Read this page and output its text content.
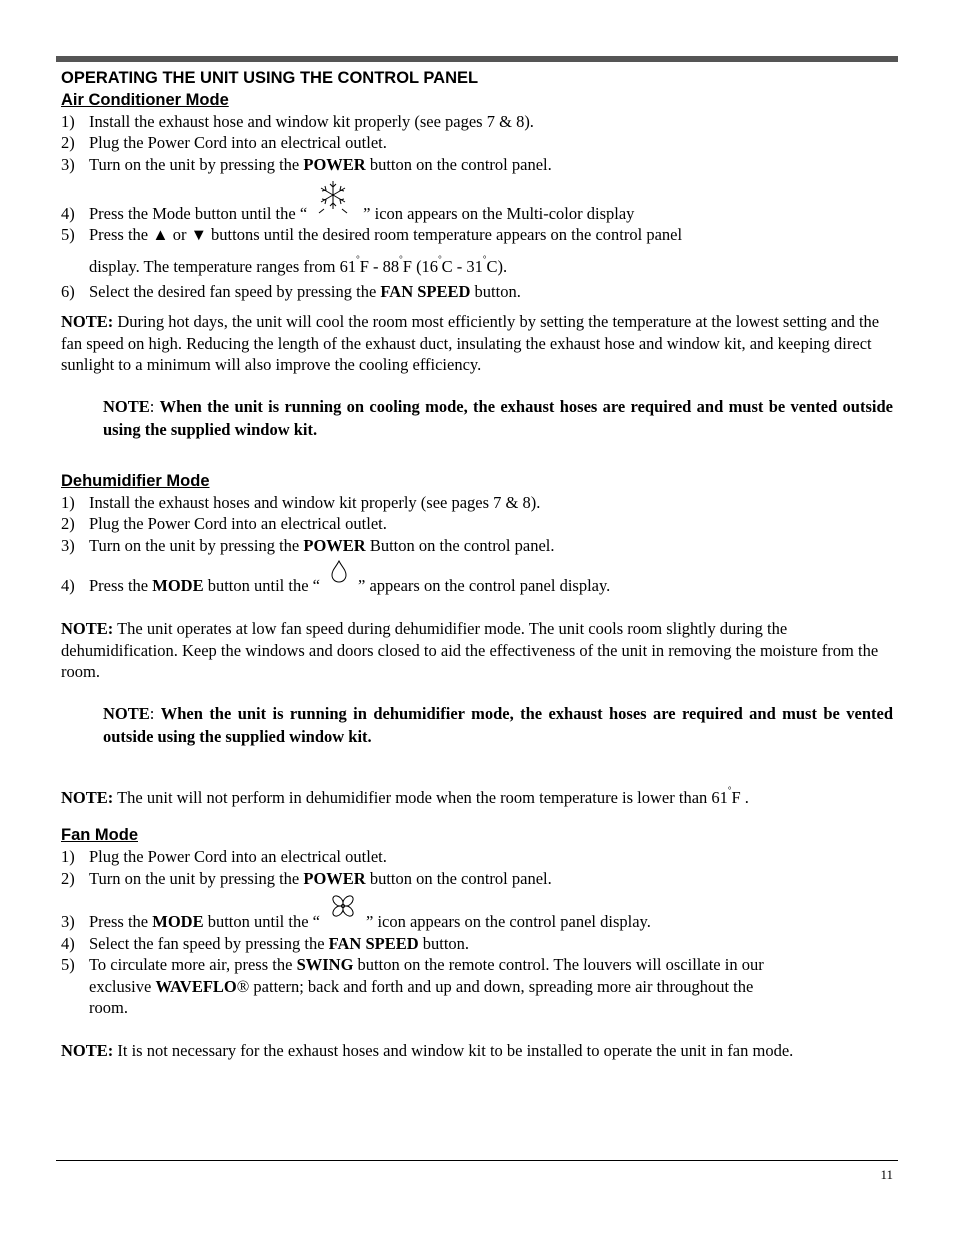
OPERATING THE UNIT USING THE CONTROL PANEL
Air Conditioner Mode
1) Install the exhaust hose and window kit properly (see pages 7 & 8).
2) Plug the Power Cord into an electrical outlet.
3) Turn on the unit by pressing the POWER button on the control panel.
4) Press the Mode button until the “	” icon appears on the Multi-color display
5) Press the ▲ or ▼ buttons until the desired room temperature appears on the control panel
display. The temperature ranges from 61°F - 88°F (16°C - 31°C).
6) Select the desired fan speed by pressing the FAN SPEED button.
NOTE: During hot days, the unit will cool the room most efficiently by setting the temperature at the lowest setting and the fan speed on high. Reducing the length of the exhaust duct, insulating the exhaust hose and window kit, and keeping direct sunlight to a minimum will also improve the cooling efficiency.
NOTE: When the unit is running on cooling mode, the exhaust hoses are required and must be vented outside using the supplied window kit.
Dehumidifier Mode
1) Install the exhaust hoses and window kit properly (see pages 7 & 8).
2) Plug the Power Cord into an electrical outlet.
3) Turn on the unit by pressing the POWER Button on the control panel.
4) Press the MODE button until the “ ” appears on the control panel display.
NOTE: The unit operates at low fan speed during dehumidifier mode. The unit cools room slightly during the dehumidification. Keep the windows and doors closed to aid the effectiveness of the unit in removing the moisture from the room.
NOTE: When the unit is running in dehumidifier mode, the exhaust hoses are required and must be vented outside using the supplied window kit.
NOTE: The unit will not perform in dehumidifier mode when the room temperature is lower than 61°F .
Fan Mode
1) Plug the Power Cord into an electrical outlet.
2) Turn on the unit by pressing the POWER button on the control panel.
3) Press the MODE button until the “	” icon appears on the control panel display.
4) Select the fan speed by pressing the FAN SPEED button.
5) To circulate more air, press the SWING button on the remote control. The louvers will oscillate in our
exclusive WAVEFLO® pattern; back and forth and up and down, spreading more air throughout the
room.
NOTE: It is not necessary for the exhaust hoses and window kit to be installed to operate the unit in fan mode.
11
